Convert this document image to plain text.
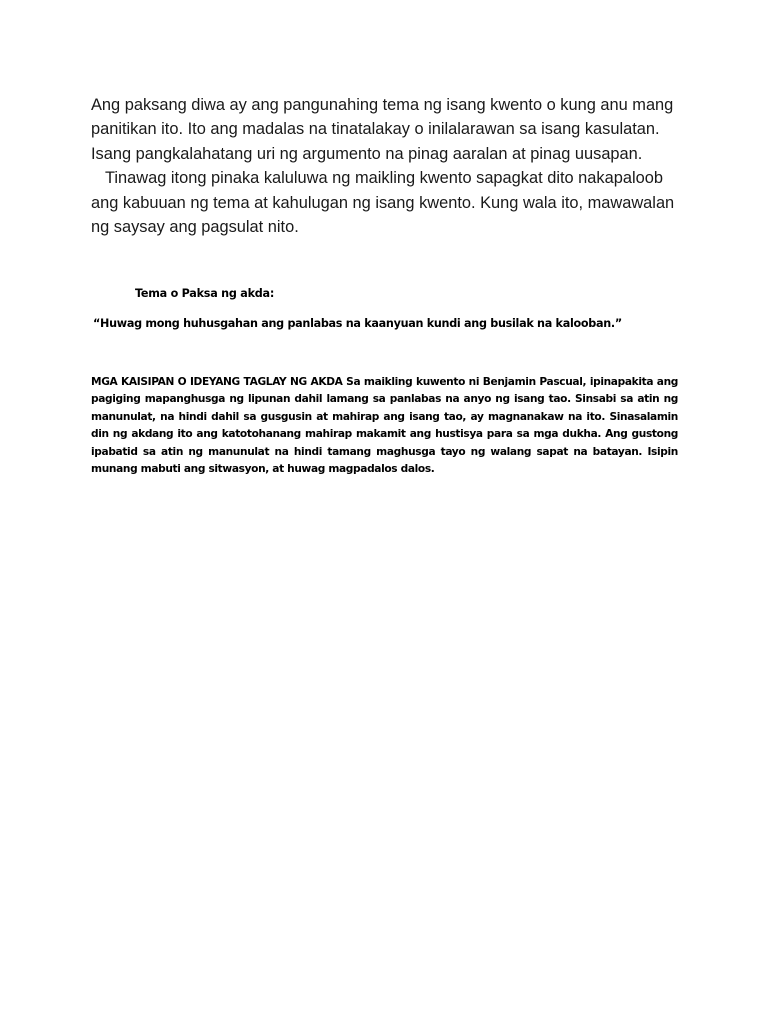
Ang paksang diwa ay ang pangunahing tema ng isang kwento o kung anu mang panitikan ito. Ito ang madalas na tinatalakay o inilalarawan sa isang kasulatan. Isang pangkalahatang uri ng argumento na pinag aaralan at pinag uusapan.

Tinawag itong pinaka kaluluwa ng maikling kwento sapagkat dito nakapaloob ang kabuuan ng tema at kahulugan ng isang kwento. Kung wala ito, mawawalan ng saysay ang pagsulat nito.

Tema o Paksa ng akda:
“Huwag mong huhusgahan ang panlabas na kaanyuan kundi ang busilak na kalooban.”

MGA KAISIPAN O IDEYANG TAGLAY NG AKDA Sa maikling kuwento ni Benjamin Pascual, ipinapakita ang pagiging mapanghusga ng lipunan dahil lamang sa panlabas na anyo ng isang tao. Sinsabi sa atin ng manunulat, na hindi dahil sa gusgusin at mahirap ang isang tao, ay magnanakaw na ito. Sinasalamin din ng akdang ito ang katotohanang mahirap makamit ang hustisya para sa mga dukha. Ang gustong ipabatid sa atin ng manunulat na hindi tamang maghusga tayo ng walang sapat na batayan. Isipin munang mabuti ang sitwasyon, at huwag magpadalos dalos.
